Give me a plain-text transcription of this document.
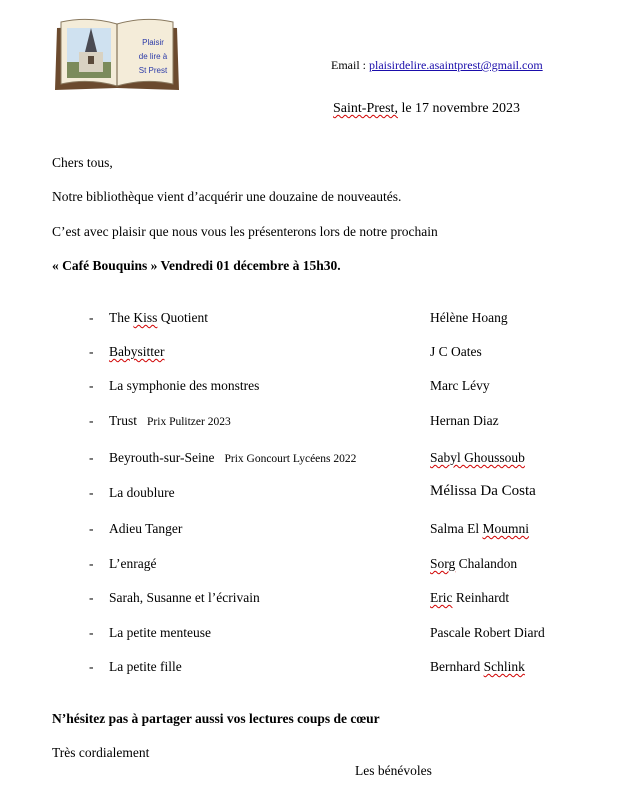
Plaisir
de lire à
St Prest	Email : plaisirdelire.asaintprest@gmail.com
Saint-Prest, le 17 novembre 2023
Chers tous,
Notre bibliothèque vient d’acquérir une douzaine de nouveautés.
C’est avec plaisir que nous vous les présenterons lors de notre prochain
« Café Bouquins » Vendredi 01 décembre à 15h30.
- The Kiss Quotient	Hélène Hoang
- Babysitter	J C Oates
- La symphonie des monstres	Marc Lévy
- Trust Prix Pulitzer 2023	Hernan Diaz
- Beyrouth-sur-Seine Prix Goncourt Lycéens 2022	Sabyl Ghoussoub
- La doublure	Mélissa Da Costa
- Adieu Tanger	Salma El Moumni
- L’enragé	Sorg Chalandon
- Sarah, Susanne et l’écrivain	Eric Reinhardt
- La petite menteuse	Pascale Robert Diard
- La petite fille	Bernhard Schlink
N’hésitez pas à partager aussi vos lectures coups de cœur
Très cordialement
Les bénévoles
